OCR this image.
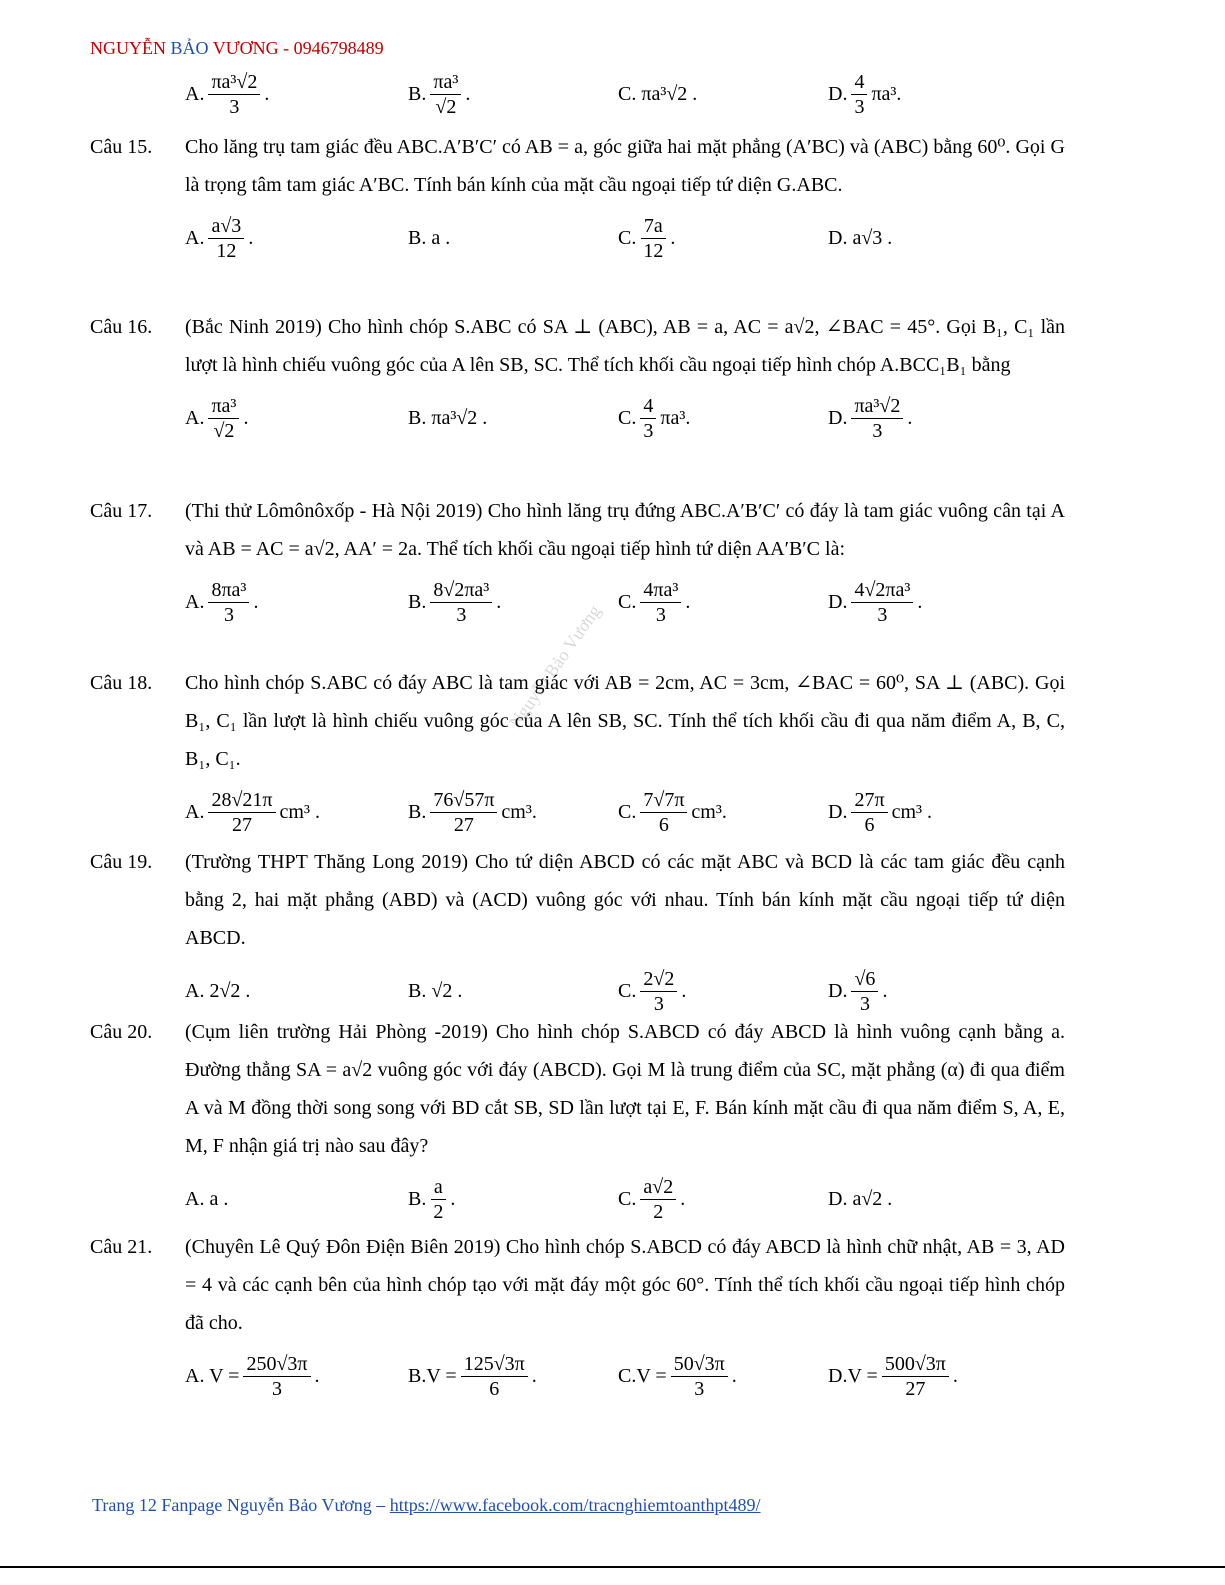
NGUYỄN BẢO VƯƠNG - 0946798489
Nguyễn Bảo Vương
A. $\frac{\text{πa³√2}}{3}$ .	B. $\frac{\text{πa³}}{√2}$ .	C.
πa³√2 .	D. $\frac{4}{3} \pi a^3$.
Câu 15. Cho lăng trụ tam giác đều ABC.A′B′C′ có AB = a, góc giữa hai mặt phẳng (A′BC) và (ABC) bằng 60⁰. Gọi G là trọng tâm tam giác A′BC. Tính bán kính của mặt cầu ngoại tiếp tứ diện G.ABC.
A. $\frac{a√3}{12}$ .	B.
a .	C. $\frac{7a}{12}$ .	D.
a√3 .
Câu 16. (Bắc Ninh 2019) Cho hình chóp S.ABC có SA ⊥ (ABC), AB = a, AC = a√2, ∠BAC = 45°. Gọi B₁, C₁ lần lượt là hình chiếu vuông góc của A lên SB, SC. Thể tích khối cầu ngoại tiếp hình chóp A.BCC₁B₁ bằng
A. $\frac{\text{πa³}}{√2}$ .	B.
πa³√2 .	C. $\frac{4}{3} \pi a^3$.	D. $\frac{\text{πa³√2}}{3}$ .
Câu 17. (Thi thử Lômônôxốp - Hà Nội 2019) Cho hình lăng trụ đứng ABC.A′B′C′ có đáy là tam giác vuông cân tại A và AB = AC = a√2, AA′ = 2a. Thể tích khối cầu ngoại tiếp hình tứ diện AA′B′C là:
A. $\frac{\text{8πa³}}{3}$ .	B. $\frac{\text{8√2πa³}}{3}$ .	C. $\frac{\text{4πa³}}{3}$ .	D. $\frac{\text{4√2πa³}}{3}$ .
Câu 18. Cho hình chóp S.ABC có đáy ABC là tam giác với AB = 2cm, AC = 3cm, ∠BAC = 60⁰, SA ⊥ (ABC). Gọi B₁, C₁ lần lượt là hình chiếu vuông góc của A lên SB, SC. Tính thể tích khối cầu đi qua năm điểm A, B, C, B₁, C₁.
A. $\frac{28√21\pi}{27} cm^3$ .	B. $\frac{76√57\pi}{27} cm^3$.	C. $\frac{7√7\pi}{6} cm^3$.	D. $\frac{27\pi}{6} cm^3$ .
Câu 19. (Trường THPT Thăng Long 2019) Cho tứ diện ABCD có các mặt ABC và BCD là các tam giác đều cạnh bằng 2, hai mặt phẳng (ABD) và (ACD) vuông góc với nhau. Tính bán kính mặt cầu ngoại tiếp tứ diện ABCD.
A.
2√2 .	B.
√2 .	C. $\frac{2√2}{3}$ .	D. $\frac{√6}{3}$ .
Câu 20. (Cụm liên trường Hải Phòng -2019) Cho hình chóp S.ABCD có đáy ABCD là hình vuông cạnh bằng a. Đường thẳng SA = a√2 vuông góc với đáy (ABCD). Gọi M là trung điểm của SC, mặt phẳng (α) đi qua điểm A và M đồng thời song song với BD cắt SB, SD lần lượt tại E, F. Bán kính mặt cầu đi qua năm điểm S, A, E, M, F nhận giá trị nào sau đây?
A.
a .	B. $\frac{a}{2}$ .	C. $\frac{a√2}{2}$ .	D.
a√2 .
Câu 21. (Chuyên Lê Quý Đôn Điện Biên 2019) Cho hình chóp S.ABCD có đáy ABCD là hình chữ nhật, AB = 3, AD = 4 và các cạnh bên của hình chóp tạo với mặt đáy một góc 60°. Tính thể tích khối cầu ngoại tiếp hình chóp đã cho.
A. $V = \frac{250√3\pi}{3}$ .	$B.V = \frac{125√3\pi}{6}$ .	$C.V = \frac{50√3\pi}{3}$ .	$D.V = \frac{500√3\pi}{27}$ .
Trang 12 Fanpage Nguyễn Bảo Vương ⎯ https://www.facebook.com/tracnghiemtoanthpt489/
